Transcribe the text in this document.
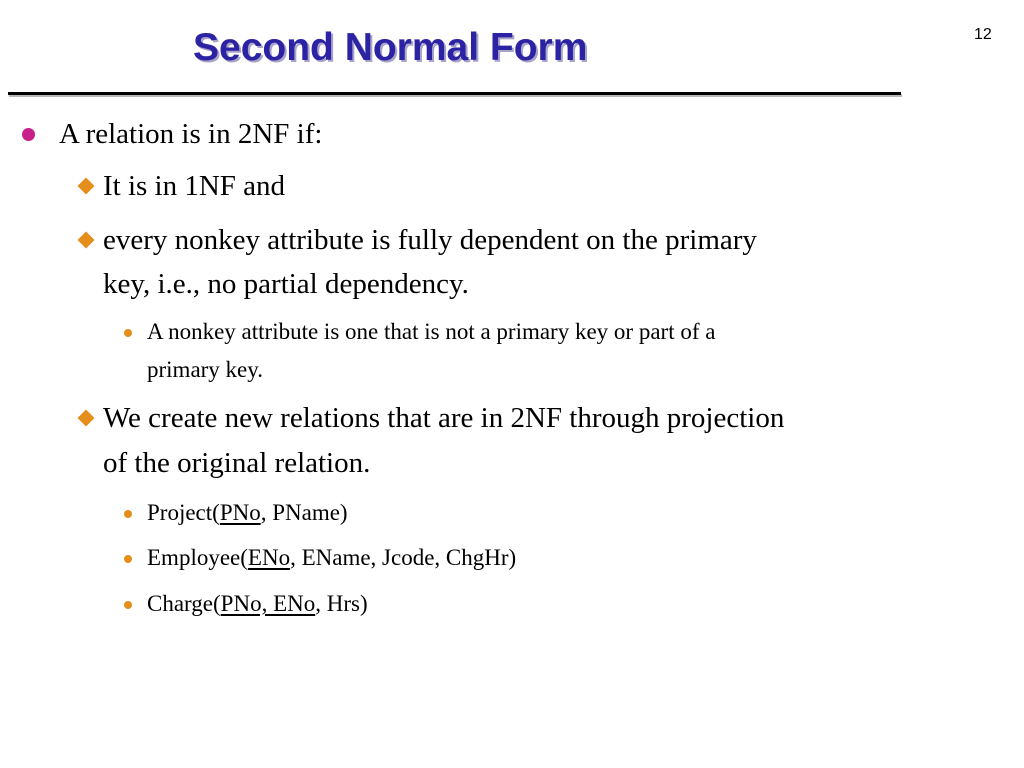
Second Normal Form	12
A relation is in 2NF if:
It is in 1NF and
every nonkey attribute is fully dependent on the primary
key, i.e., no partial dependency.
A nonkey attribute is one that is not a primary key or part of a
primary key.
We create new relations that are in 2NF through projection
of the original relation.
Project(PNo, PName)
Employee(ENo, EName, Jcode, ChgHr)
Charge(PNo, ENo, Hrs)
